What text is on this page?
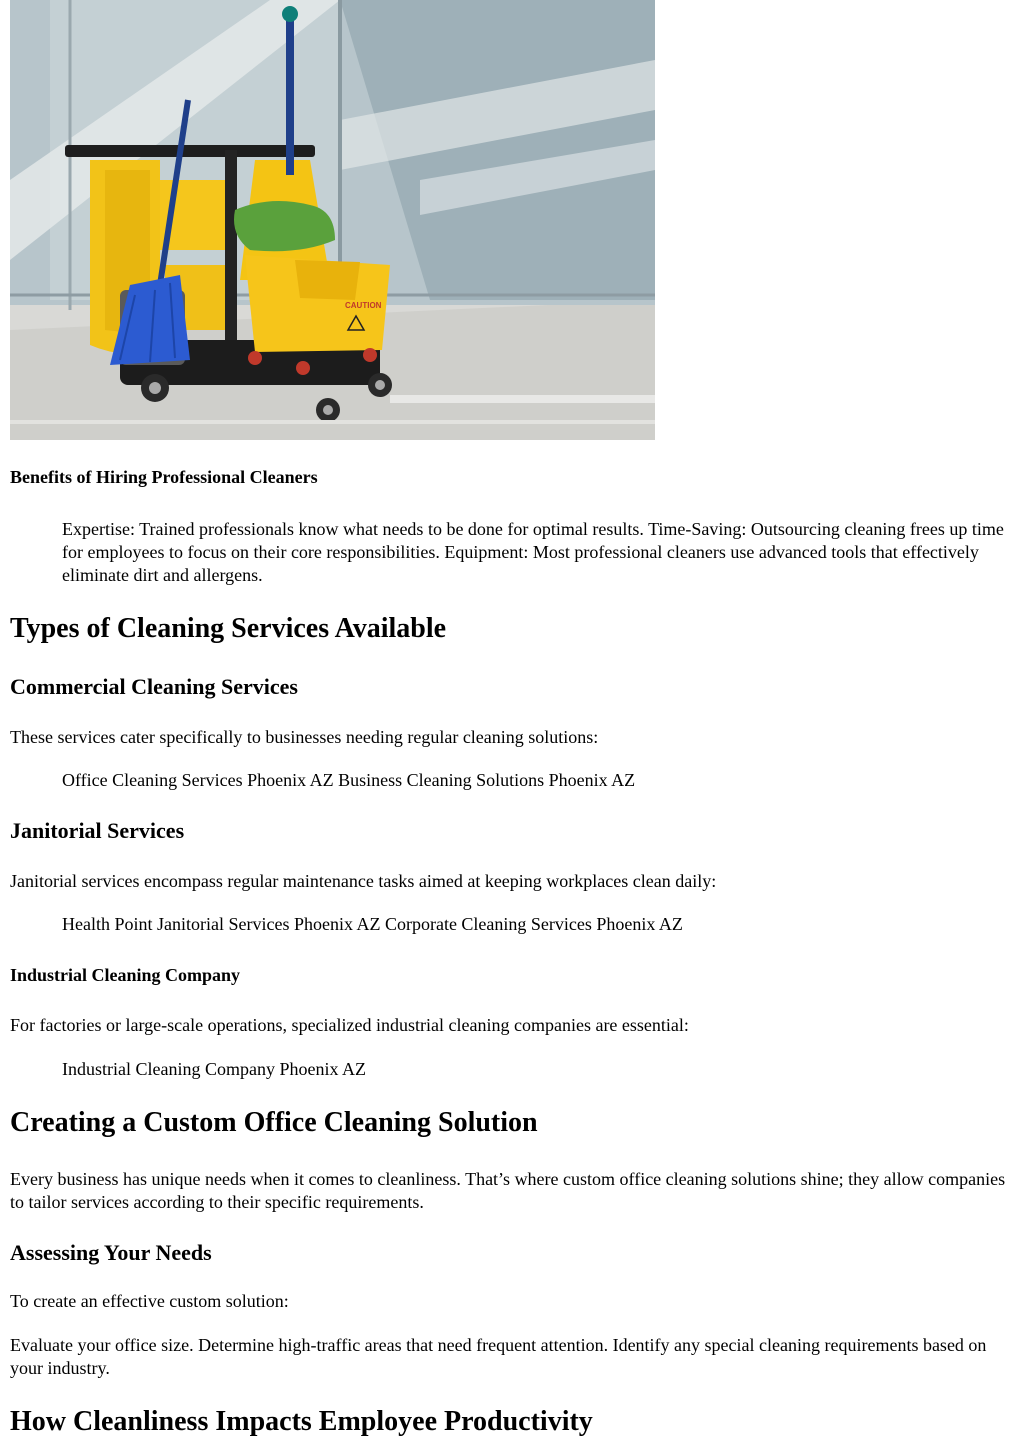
CAUTION
Benefits of Hiring Professional Cleaners
Expertise: Trained professionals know what needs to be done for optimal results. Time-Saving: Outsourcing cleaning frees up time for employees to focus on their core responsibilities. Equipment: Most professional cleaners use advanced tools that effectively eliminate dirt and allergens.
Types of Cleaning Services Available
Commercial Cleaning Services
These services cater specifically to businesses needing regular cleaning solutions:
Office Cleaning Services Phoenix AZ Business Cleaning Solutions Phoenix AZ
Janitorial Services
Janitorial services encompass regular maintenance tasks aimed at keeping workplaces clean daily:
Health Point Janitorial Services Phoenix AZ Corporate Cleaning Services Phoenix AZ
Industrial Cleaning Company
For factories or large-scale operations, specialized industrial cleaning companies are essential:
Industrial Cleaning Company Phoenix AZ
Creating a Custom Office Cleaning Solution
Every business has unique needs when it comes to cleanliness. That’s where custom office cleaning solutions shine; they allow companies to tailor services according to their specific requirements.
Assessing Your Needs
To create an effective custom solution:
Evaluate your office size. Determine high-traffic areas that need frequent attention. Identify any special cleaning requirements based on your industry.
How Cleanliness Impacts Employee Productivity
